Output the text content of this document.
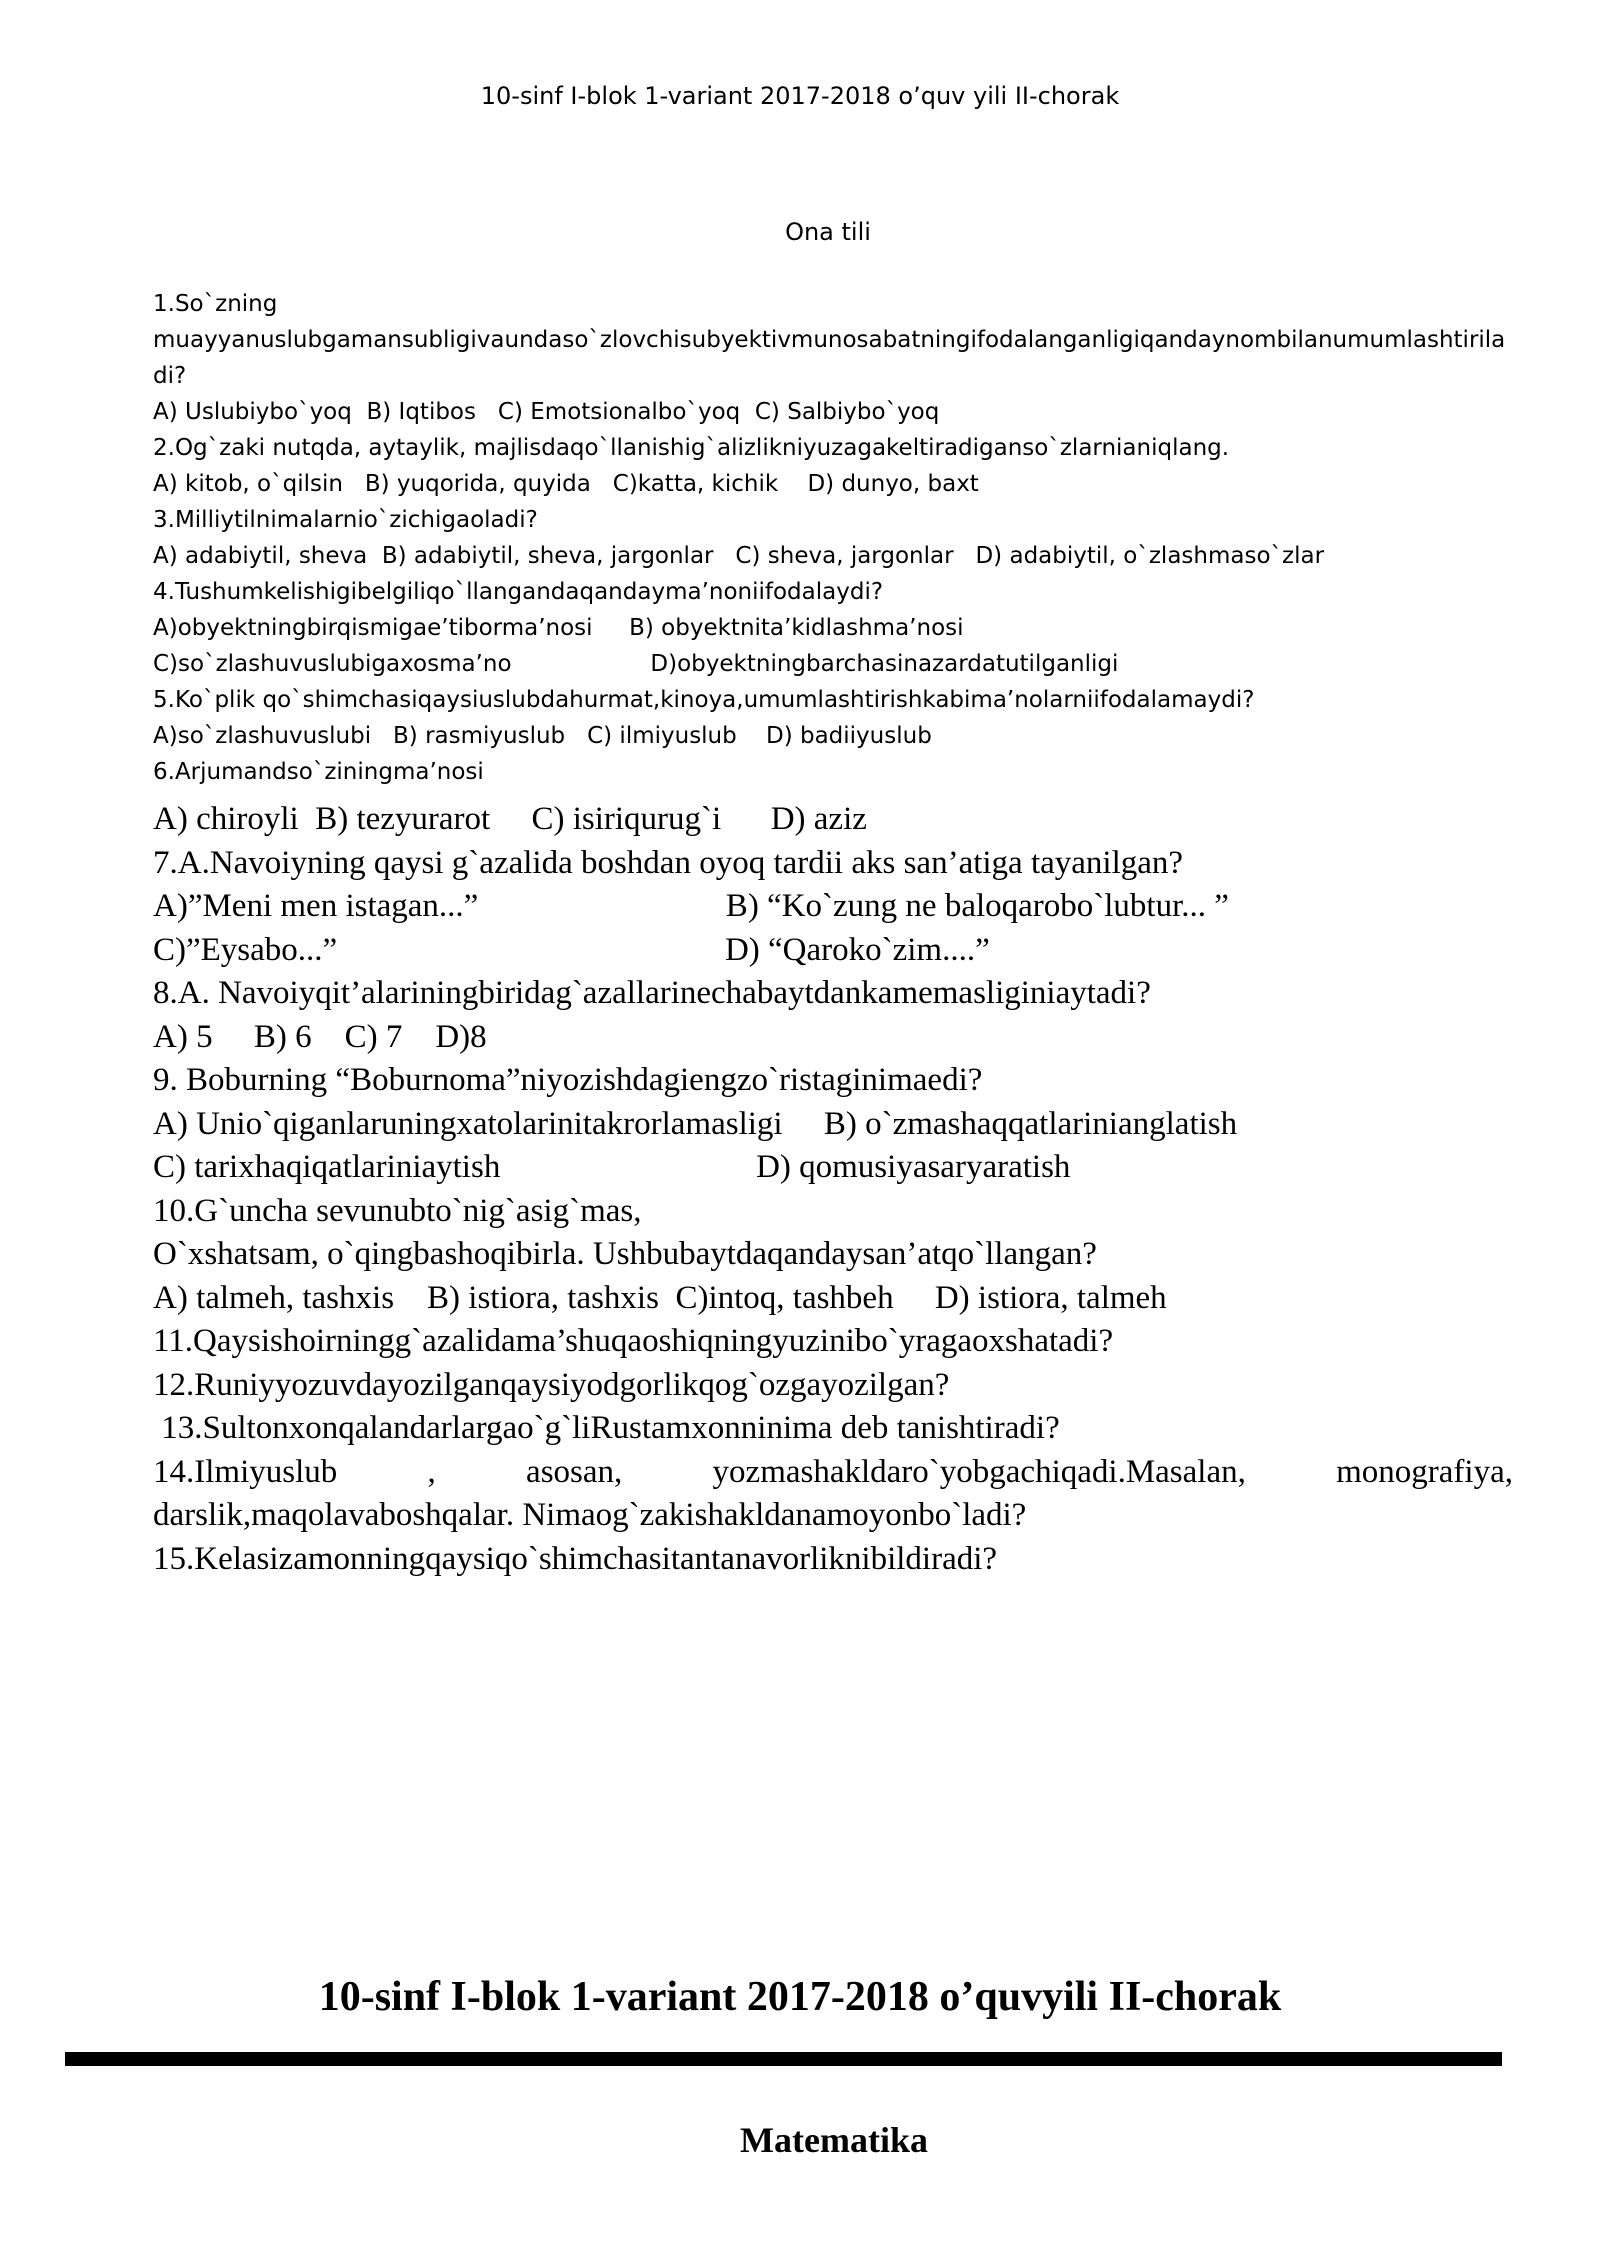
10-sinf I-blok 1-variant 2017-2018 o’quv yili II-chorak
Ona tili
1.So`zning
muayyanuslubgamansubligivaundaso`zlovchisubyektivmunosabatningifodalanganligiqandaynombilanumumlashtiriladi?
A) Uslubiybo`yoq  B) Iqtibos   C) Emotsionalbo`yoq  C) Salbiybo`yoq
2.Og`zaki nutqda, aytaylik, majlisdaqo`llanishig`alizlikniyuzagakeltiradiganso`zlarnianiqlang.
A) kitob, o`qilsin   B) yuqorida, quyida   C)katta, kichik    D) dunyo, baxt
3.Milliytilnimalarnio`zichigaoladi?
A) adabiytil, sheva  B) adabiytil, sheva, jargonlar   C) sheva, jargonlar   D) adabiytil, o`zlashmaso`zlar
4.Tushumkelishigibelgiliqo`llangandaqandayma’noniifodalaydi?
A)obyektningbirqismigae’tiborma’nosi     B) obyektnita’kidlashma’nosi
C)so`zlashuvuslubigaxosma’no                   D)obyektningbarchasinazardatutilganligi
5.Ko`plik qo`shimchasiqaysiuslubdahurmat,kinoya,umumlashtirishkabima’nolarniifodalamaydi?
A)so`zlashuvuslubi   B) rasmiyuslub   C) ilmiyuslub    D) badiiyuslub
6.Arjumandso`ziningma’nosi
A) chiroyli  B) tezyurarot     C) isiriqurug`i      D) aziz
7.A.Navoiyning qaysi g`azalida boshdan oyoq tardii aks san’atiga tayanilgan?
A)”Meni men istagan...”                              B) “Ko`zung ne baloqarobo`lubtur... ”
C)”Eysabo...”                                               D) “Qaroko`zim....”
8.A. Navoiyqit’alariningbiridag`azallarinechabaytdankamemasliginiaytadi?
A) 5     B) 6    C) 7    D)8
9. Boburning “Boburnoma”niyozishdagiengzo`ristaginimaedi?
A) Unio`qiganlaruningxatolarinitakrorlamasligi     B) o`zmashaqqatlarinianglatish
C) tarixhaqiqatlariniaytish                               D) qomusiyasaryaratish
10.G`uncha sevunubto`nig`asig`mas,
O`xshatsam, o`qingbashoqibirla. Ushbubaytdaqandaysan’atqo`llangan?
A) talmeh, tashxis    B) istiora, tashxis  C)intoq, tashbeh     D) istiora, talmeh
11.Qaysishoirningg`azalidama’shuqaoshiqningyuzinibo`yragaoxshatadi?
12.Runiyyozuvdayozilganqaysiyodgorlikqog`ozgayozilgan?
13.Sultonxonqalandarlargao`g`liRustamxonninima deb tanishtiradi?
14.Ilmiyuslub , asosan, yozmashakldaro`yobgachiqadi.Masalan, monografiya,
darslik,maqolavaboshqalar. Nimaog`zakishakldanamoyonbo`ladi?
15.Kelasizamonningqaysiqo`shimchasitantanavorliknibildiradi?
10-sinf I-blok 1-variant 2017-2018 o’quvyili II-chorak
Matematika
